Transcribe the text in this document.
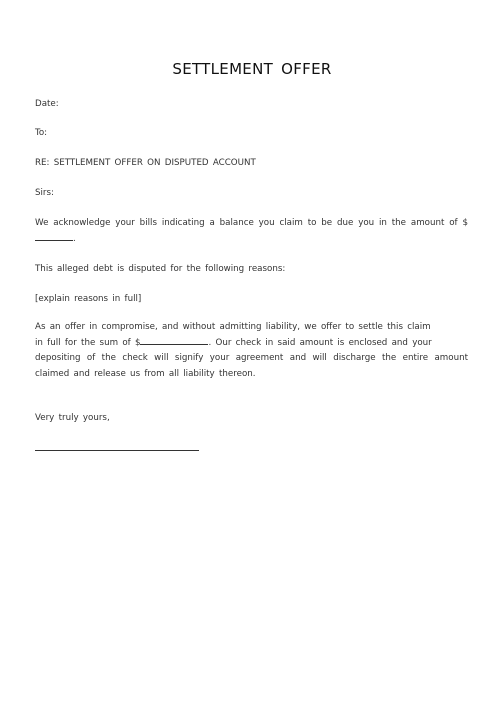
SETTLEMENT OFFER
Date:
To:
RE: SETTLEMENT OFFER ON DISPUTED ACCOUNT
Sirs:
We acknowledge your bills indicating a balance you claim to be due you in the amount of $
.
This alleged debt is disputed for the following reasons:
[explain reasons in full]
As an offer in compromise, and without admitting liability, we offer to settle this claim
in full for the sum of $	. Our check in said amount is enclosed and your
depositing of the check will signify your agreement and will discharge the entire amount
claimed and release us from all liability thereon.
Very truly yours,
